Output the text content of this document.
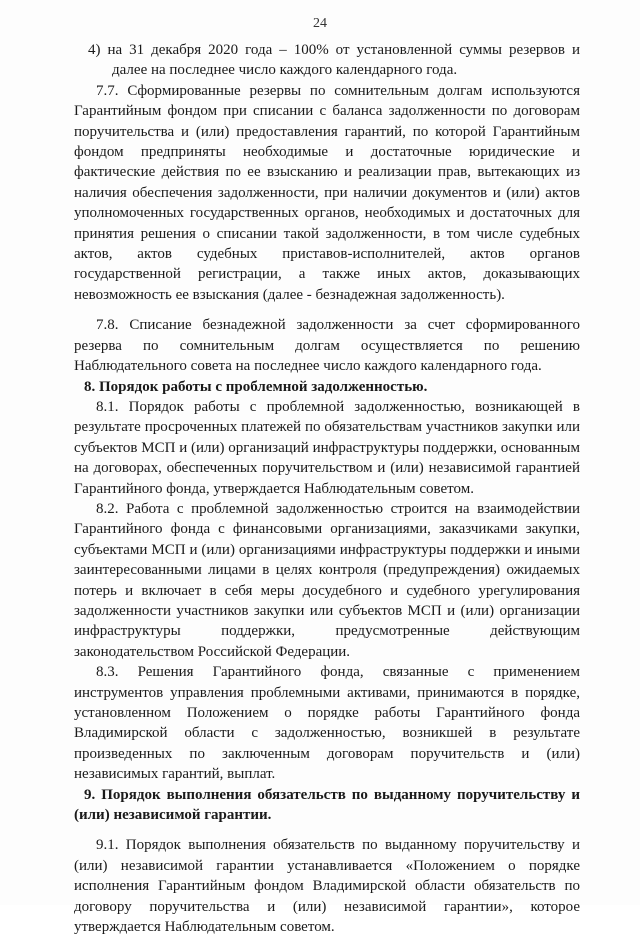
24

4) на 31 декабря 2020 года – 100% от установленной суммы резервов и далее на последнее число каждого календарного года.

7.7. Сформированные резервы по сомнительным долгам используются Гарантийным фондом при списании с баланса задолженности по договорам поручительства и (или) предоставления гарантий, по которой Гарантийным фондом предприняты необходимые и достаточные юридические и фактические действия по ее взысканию и реализации прав, вытекающих из наличия обеспечения задолженности, при наличии документов и (или) актов уполномоченных государственных органов, необходимых и достаточных для принятия решения о списании такой задолженности, в том числе судебных актов, актов судебных приставов-исполнителей, актов органов государственной регистрации, а также иных актов, доказывающих невозможность ее взыскания (далее - безнадежная задолженность).

7.8. Списание безнадежной задолженности за счет сформированного резерва по сомнительным долгам осуществляется по решению Наблюдательного совета на последнее число каждого календарного года.

8. Порядок работы с проблемной задолженностью.

8.1. Порядок работы с проблемной задолженностью, возникающей в результате просроченных платежей по обязательствам участников закупки или субъектов МСП и (или) организаций инфраструктуры поддержки, основанным на договорах, обеспеченных поручительством и (или) независимой гарантией Гарантийного фонда, утверждается Наблюдательным советом.

8.2. Работа с проблемной задолженностью строится на взаимодействии Гарантийного фонда с финансовыми организациями, заказчиками закупки, субъектами МСП и (или) организациями инфраструктуры поддержки и иными заинтересованными лицами в целях контроля (предупреждения) ожидаемых потерь и включает в себя меры досудебного и судебного урегулирования задолженности участников закупки или субъектов МСП и (или) организации инфраструктуры поддержки, предусмотренные действующим законодательством Российской Федерации.

8.3. Решения Гарантийного фонда, связанные с применением инструментов управления проблемными активами, принимаются в порядке, установленном Положением о порядке работы Гарантийного фонда Владимирской области с задолженностью, возникшей в результате произведенных по заключенным договорам поручительств и (или) независимых гарантий, выплат.

9. Порядок выполнения обязательств по выданному поручительству и (или) независимой гарантии.

9.1. Порядок выполнения обязательств по выданному поручительству и (или) независимой гарантии устанавливается «Положением о порядке исполнения Гарантийным фондом Владимирской области обязательств по договору поручительства и (или) независимой гарантии», которое утверждается Наблюдательным советом.
